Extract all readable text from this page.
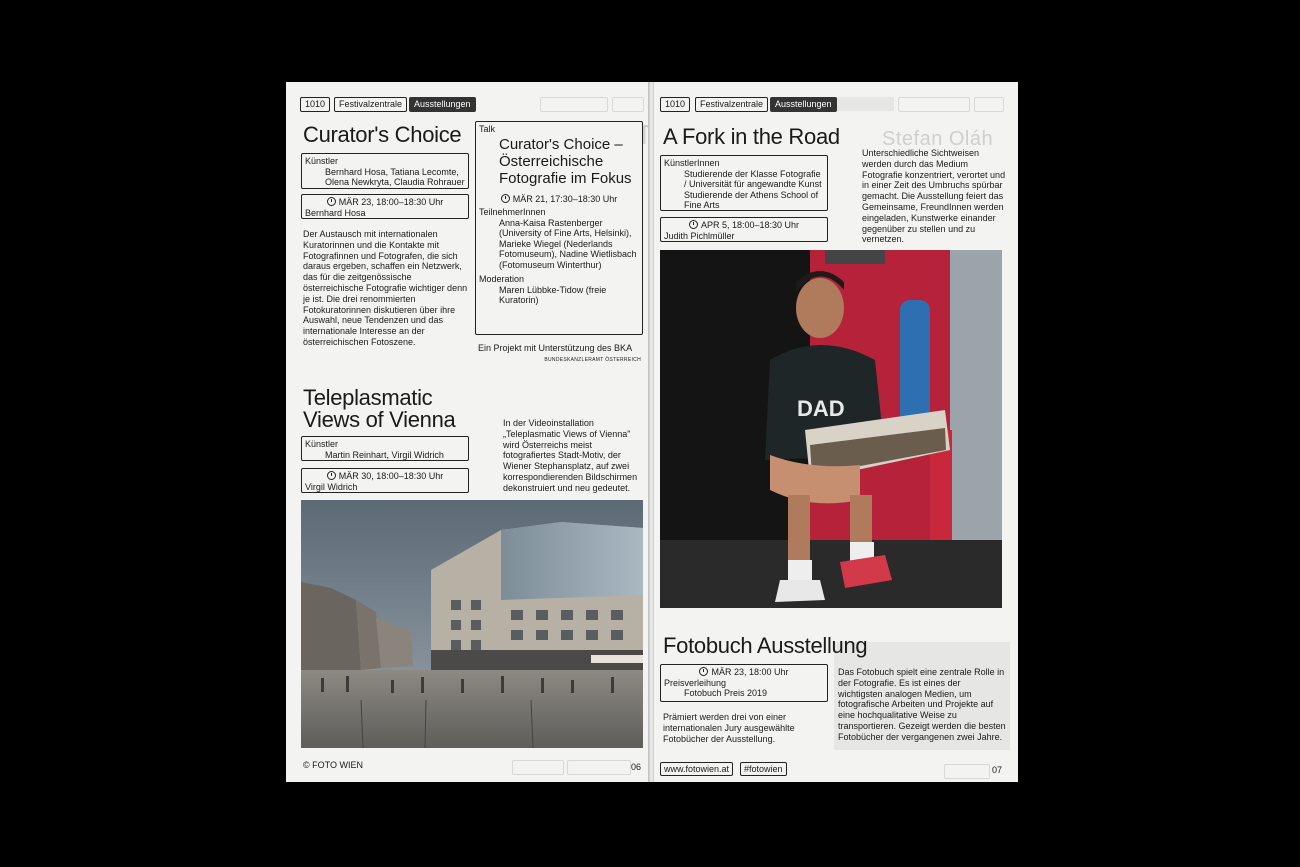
1010	Festivalzentrale	Ausstellungen
Curator's Choice
Künstler
Bernhard Hosa, Tatiana Lecomte, Olena Newkryta, Claudia Rohrauer
MÄR 23, 18:00–18:30 Uhr
Bernhard Hosa
Der Austausch mit internationalen Kuratorinnen und die Kontakte mit Fotografinnen und Fotografen, die sich daraus ergeben, schaffen ein Netzwerk, das für die zeitgenössische österreichische Fotografie wichtiger denn je ist. Die drei renommierten Fotokuratorinnen diskutieren über ihre Auswahl, neue Tendenzen und das internationale Interesse an der österreichischen Fotoszene.
Talk
Curator's Choice – Österreichische Fotografie im Fokus
MÄR 21, 17:30–18:30 Uhr
TeilnehmerInnen
Anna-Kaisa Rastenberger (University of Fine Arts, Helsinki), Marieke Wiegel (Nederlands Fotomuseum), Nadine Wietlisbach (Fotomuseum Winterthur)
Moderation
Maren Lübbke-Tidow (freie Kuratorin)
Ein Projekt mit Unterstützung des BKA
BUNDESKANZLERAMT ÖSTERREICH
Teleplasmatic Views of Vienna
Künstler
Martin Reinhart, Virgil Widrich
MÄR 30, 18:00–18:30 Uhr
Virgil Widrich
In der Videoinstallation „Teleplasmatic Views of Vienna" wird Österreichs meist fotografiertes Stadt-Motiv, der Wiener Stephansplatz, auf zwei korrespondierenden Bildschirmen dekonstruiert und neu gedeutet.
© FOTO WIEN	06
Stefan Oláh
1010	Festivalzentrale	Ausstellungen
A Fork in the Road
KünstlerInnen
Studierende der Klasse Fotografie / Universität für angewandte Kunst Studierende der Athens School of Fine Arts
APR 5, 18:00–18:30 Uhr
Judith Pichlmüller
Unterschiedliche Sichtweisen werden durch das Medium Fotografie konzentriert, verortet und in einer Zeit des Umbruchs spürbar gemacht. Die Ausstellung feiert das Gemeinsame, FreundInnen werden eingeladen, Kunstwerke einander gegenüber zu stellen und zu vernetzen.
DAD
Fotobuch Ausstellung
MÄR 23, 18:00 Uhr
Preisverleihung
Fotobuch Preis 2019
Prämiert werden drei von einer internationalen Jury ausgewählte Fotobücher der Ausstellung.
Das Fotobuch spielt eine zentrale Rolle in der Fotografie. Es ist eines der wichtigsten analogen Medien, um fotografische Arbeiten und Projekte auf eine hochqualitative Weise zu transportieren. Gezeigt werden die besten Fotobücher der vergangenen zwei Jahre.
www.fotowien.at	#fotowien	07
